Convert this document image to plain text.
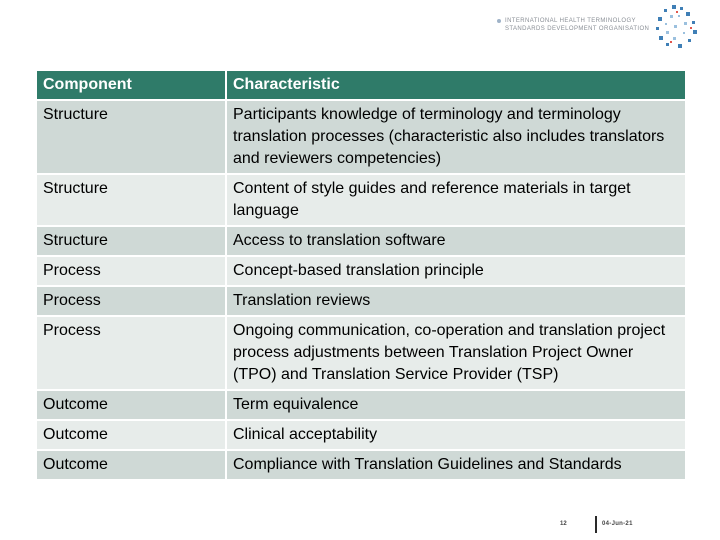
INTERNATIONAL HEALTH TERMINOLOGY
STANDARDS DEVELOPMENT ORGANISATION
Component	Characteristic
Structure	Participants knowledge of terminology and terminology translation processes (characteristic also includes translators and reviewers competencies)
Structure	Content of style guides and reference materials in target language
Structure	Access to translation software
Process	Concept-based translation principle
Process	Translation reviews
Process	Ongoing communication, co-operation and translation project process adjustments between Translation Project Owner (TPO) and Translation Service Provider (TSP)
Outcome	Term equivalence
Outcome	Clinical acceptability
Outcome	Compliance with Translation Guidelines and Standards
12	04-Jun-21
